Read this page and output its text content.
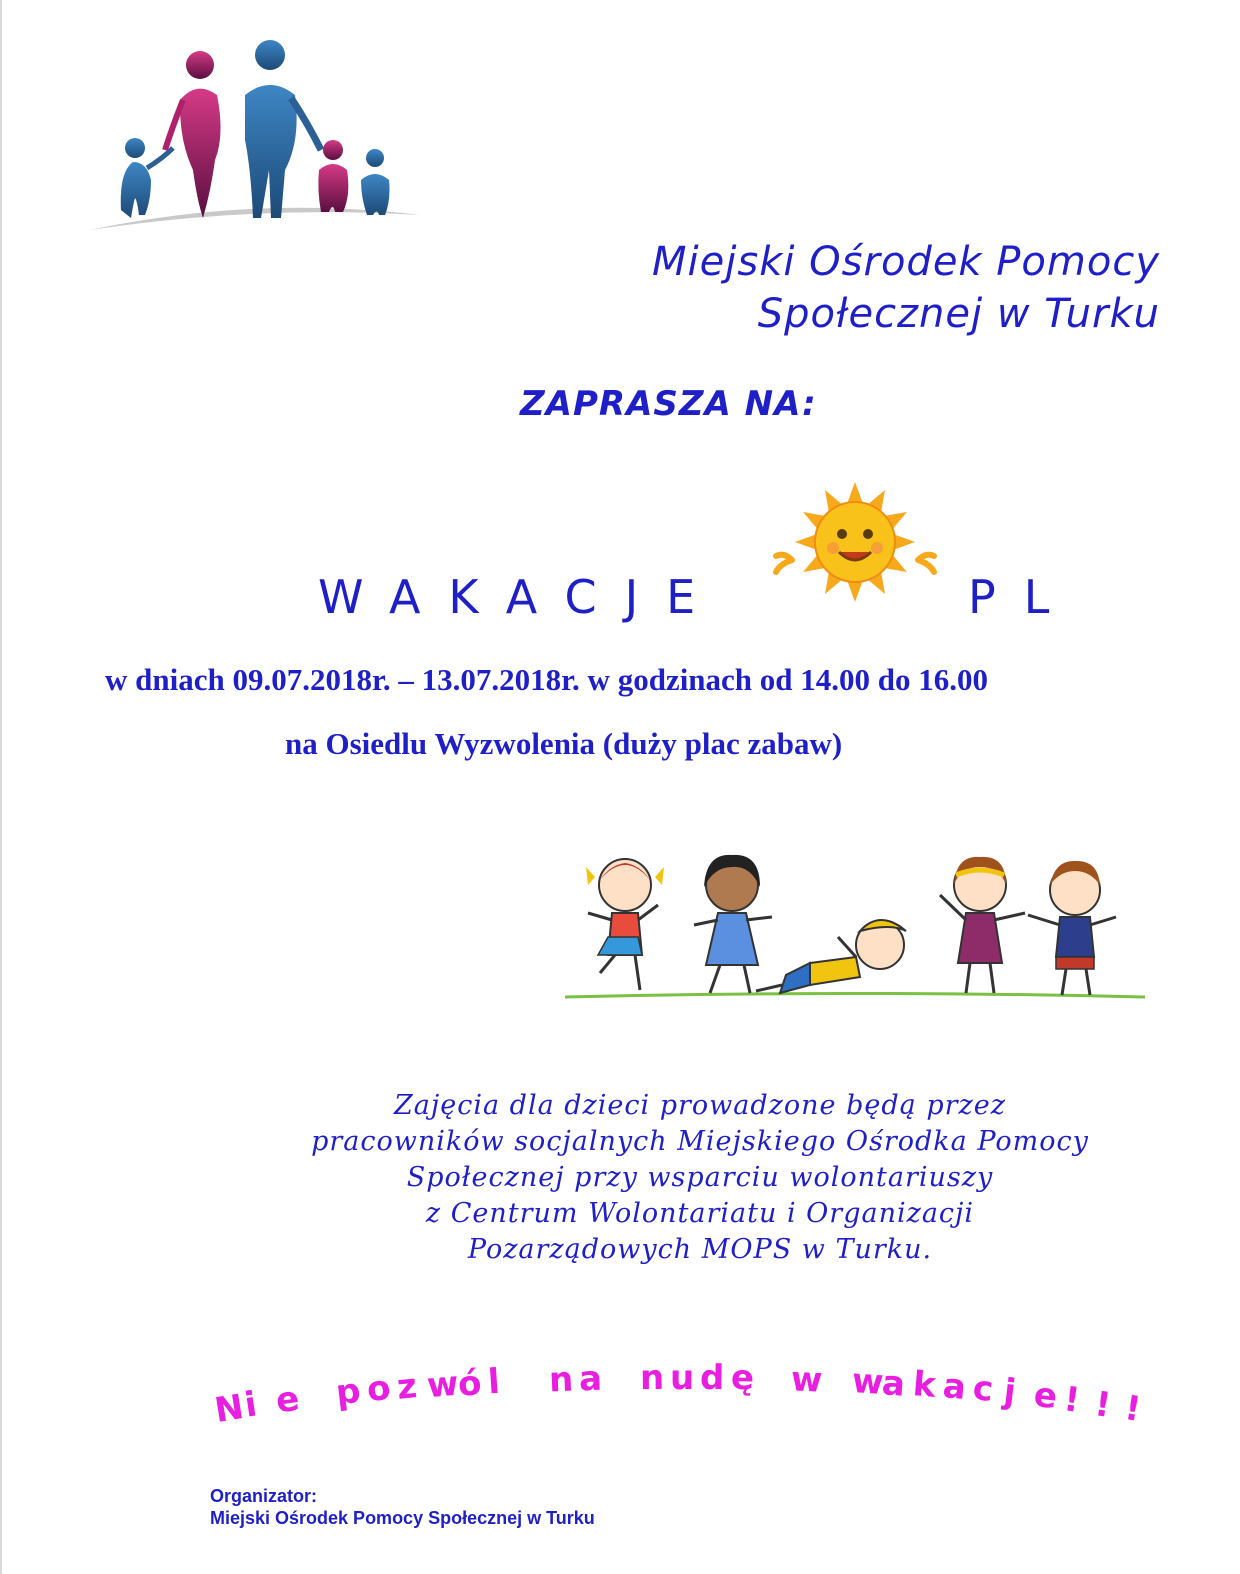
Miejski Ośrodek Pomocy
Społecznej w Turku
ZAPRASZA NA:
WAKACJE	PL
w dniach 09.07.2018r. – 13.07.2018r. w godzinach od 14.00 do 16.00
na Osiedlu Wyzwolenia (duży plac zabaw)
Zajęcia dla dzieci prowadzone będą przez
pracowników socjalnych Miejskiego Ośrodka Pomocy
Społecznej przy wsparciu wolontariuszy
z Centrum Wolontariatu i Organizacji
Pozarządowych MOPS w Turku.
N
i e p o z w
ó l n a n u d ę w w
a k a c j e ! ! !
Organizator:
Miejski Ośrodek Pomocy Społecznej w Turku
